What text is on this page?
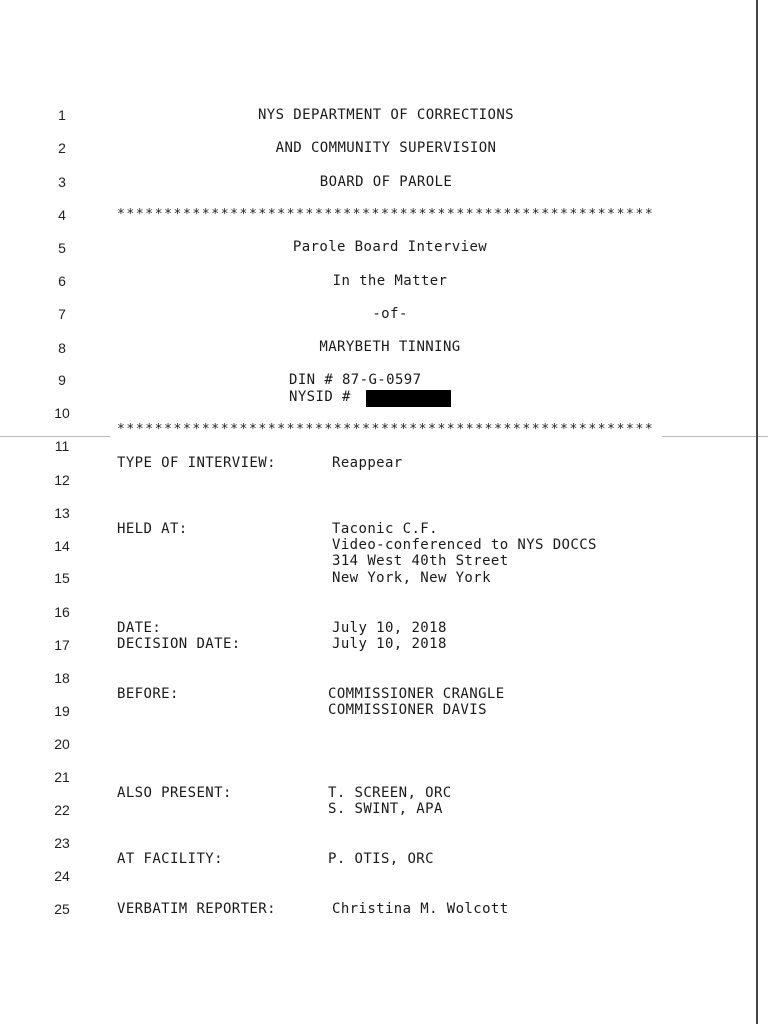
1
2
3
4
5
6
7
8
9
10
11
12
13
14
15
16
17
18
19
20
21
22
23
24
25
NYS DEPARTMENT OF CORRECTIONS
AND COMMUNITY SUPERVISION
BOARD OF PAROLE
*********************************************************
Parole Board Interview
In the Matter
-of-
MARYBETH TINNING
DIN # 87-G-0597
NYSID #
*********************************************************
TYPE OF INTERVIEW:	Reappear
HELD AT:	Taconic C.F.
Video-conferenced to NYS DOCCS
314 West 40th Street
New York, New York
DATE:	July 10, 2018
DECISION DATE:	July 10, 2018
BEFORE:	COMMISSIONER CRANGLE
COMMISSIONER DAVIS
ALSO PRESENT:	T. SCREEN, ORC
S. SWINT, APA
AT FACILITY:	P. OTIS, ORC
VERBATIM REPORTER:	Christina M. Wolcott
